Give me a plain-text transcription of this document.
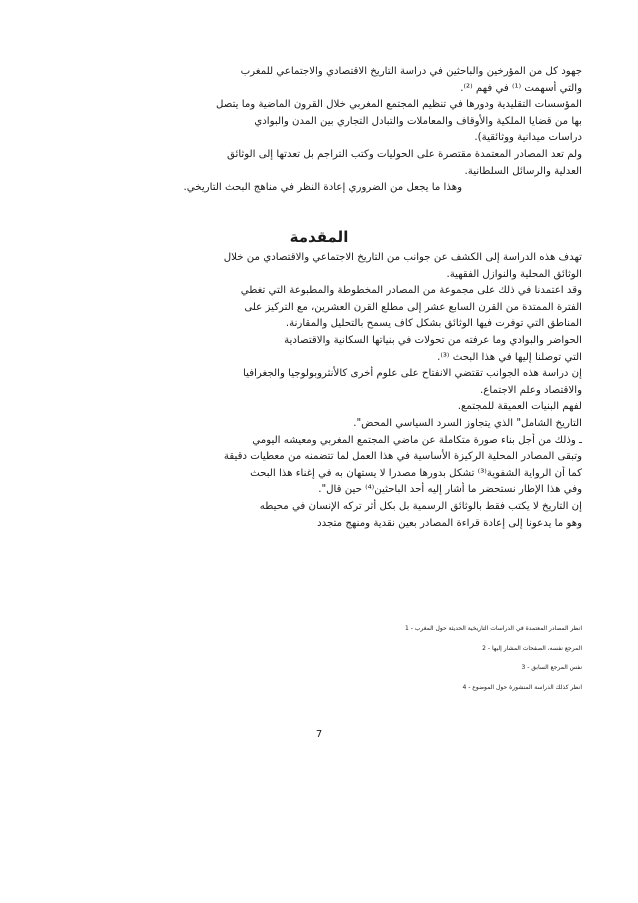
ﺟﻬﻮﺩ ﻛﻞ ﻣﻦ ﺍﻟﻤﺆﺭﺧﻴﻦ ﻭﺍﻟﺒﺎﺣﺜﻴﻦ ﻓﻲ ﺩﺭﺍﺳﺔ ﺍﻟﺘﺎﺭﻳﺦ ﺍﻻﻗﺘﺼﺎﺩﻱ ﻭﺍﻻﺟﺘﻤﺎﻋﻲ ﻟﻠﻤﻐﺮﺏ
.⁽²⁾ ﻭﺍﻟﺘﻲ ﺃﺳﻬﻤﺖ ⁽¹⁾ ﻓﻲ ﻓﻬﻢ
ﺍﻟﻤﺆﺳﺴﺎﺕ ﺍﻟﺘﻘﻠﻴﺪﻳﺔ ﻭﺩﻭﺭﻫﺎ ﻓﻲ ﺗﻨﻈﻴﻢ ﺍﻟﻤﺠﺘﻤﻊ ﺍﻟﻤﻐﺮﺑﻲ ﺧﻼﻝ ﺍﻟﻘﺮﻭﻥ ﺍﻟﻤﺎﺿﻴﺔ ﻭﻣﺎ ﻳﺘﺼﻞ
ﺑﻬﺎ ﻣﻦ ﻗﻀﺎﻳﺎ ﺍﻟﻤﻠﻜﻴﺔ ﻭﺍﻷﻭﻗﺎﻑ ﻭﺍﻟﻤﻌﺎﻣﻼﺕ ﻭﺍﻟﺘﺒﺎﺩﻝ ﺍﻟﺘﺠﺎﺭﻱ ﺑﻴﻦ ﺍﻟﻤﺪﻥ ﻭﺍﻟﺒﻮﺍﺩﻱ
.(ﺩﺭﺍﺳﺎﺕ ﻣﻴﺪﺍﻧﻴﺔ ﻭﻭﺛﺎﺋﻘﻴﺔ
ﻭﻟﻢ ﺗﻌﺪ ﺍﻟﻤﺼﺎﺩﺭ ﺍﻟﻤﻌﺘﻤﺪﺓ ﻣﻘﺘﺼﺮﺓ ﻋﻠﻰ ﺍﻟﺤﻮﻟﻴﺎﺕ ﻭﻛﺘﺐ ﺍﻟﺘﺮﺍﺟﻢ ﺑﻞ ﺗﻌﺪﺗﻬﺎ ﺇﻟﻰ ﺍﻟﻮﺛﺎﺋﻖ
.ﺍﻟﻌﺪﻟﻴﺔ ﻭﺍﻟﺮﺳﺎﺋﻞ ﺍﻟﺴﻠﻄﺎﻧﻴﺔ
.ﻭﻫﺬﺍ ﻣﺎ ﻳﺠﻌﻞ ﻣﻦ ﺍﻟﻀﺮﻭﺭﻱ ﺇﻋﺎﺩﺓ ﺍﻟﻨﻈﺮ ﻓﻲ ﻣﻨﺎﻫﺞ ﺍﻟﺒﺤﺚ ﺍﻟﺘﺎﺭﻳﺨﻲ
ﺍﻟﻤﻘﺪﻣﺔ
ﺗﻬﺪﻑ ﻫﺬﻩ ﺍﻟﺪﺭﺍﺳﺔ ﺇﻟﻰ ﺍﻟﻜﺸﻒ ﻋﻦ ﺟﻮﺍﻧﺐ ﻣﻦ ﺍﻟﺘﺎﺭﻳﺦ ﺍﻻﺟﺘﻤﺎﻋﻲ ﻭﺍﻻﻗﺘﺼﺎﺩﻱ ﻣﻦ ﺧﻼﻝ
.ﺍﻟﻮﺛﺎﺋﻖ ﺍﻟﻤﺤﻠﻴﺔ ﻭﺍﻟﻨﻮﺍﺯﻝ ﺍﻟﻔﻘﻬﻴﺔ
ﻭﻗﺪ ﺍﻋﺘﻤﺪﻧﺎ ﻓﻲ ﺫﻟﻚ ﻋﻠﻰ ﻣﺠﻤﻮﻋﺔ ﻣﻦ ﺍﻟﻤﺼﺎﺩﺭ ﺍﻟﻤﺨﻄﻮﻃﺔ ﻭﺍﻟﻤﻄﺒﻮﻋﺔ ﺍﻟﺘﻲ ﺗﻐﻄﻲ
ﺍﻟﻔﺘﺮﺓ ﺍﻟﻤﻤﺘﺪﺓ ﻣﻦ ﺍﻟﻘﺮﻥ ﺍﻟﺴﺎﺑﻊ ﻋﺸﺮ ﺇﻟﻰ ﻣﻄﻠﻊ ﺍﻟﻘﺮﻥ ﺍﻟﻌﺸﺮﻳﻦ، ﻣﻊ ﺍﻟﺘﺮﻛﻴﺰ ﻋﻠﻰ
.ﺍﻟﻤﻨﺎﻃﻖ ﺍﻟﺘﻲ ﺗﻮﻓﺮﺕ ﻓﻴﻬﺎ ﺍﻟﻮﺛﺎﺋﻖ ﺑﺸﻜﻞ ﻛﺎﻑ ﻳﺴﻤﺢ ﺑﺎﻟﺘﺤﻠﻴﻞ ﻭﺍﻟﻤﻘﺎﺭﻧﺔ
ﺍﻟﺤﻮﺍﺿﺮ ﻭﺍﻟﺒﻮﺍﺩﻱ ﻭﻣﺎ ﻋﺮﻓﺘﻪ ﻣﻦ ﺗﺤﻮﻻﺕ ﻓﻲ ﺑﻨﻴﺎﺗﻬﺎ ﺍﻟﺴﻜﺎﻧﻴﺔ ﻭﺍﻻﻗﺘﺼﺎﺩﻳﺔ
.⁽³⁾ ﺍﻟﺘﻲ ﺗﻮﺻﻠﻨﺎ ﺇﻟﻴﻬﺎ ﻓﻲ ﻫﺬﺍ ﺍﻟﺒﺤﺚ
ﺇﻥ ﺩﺭﺍﺳﺔ ﻫﺬﻩ ﺍﻟﺠﻮﺍﻧﺐ ﺗﻘﺘﻀﻲ ﺍﻻﻧﻔﺘﺎﺡ ﻋﻠﻰ ﻋﻠﻮﻡ ﺃﺧﺮﻯ ﻛﺎﻷﻧﺜﺮﻭﺑﻮﻟﻮﺟﻴﺎ ﻭﺍﻟﺠﻐﺮﺍﻓﻴﺎ
.ﻭﺍﻻﻗﺘﺼﺎﺩ ﻭﻋﻠﻢ ﺍﻻﺟﺘﻤﺎﻉ
.ﻟﻔﻬﻢ ﺍﻟﺒﻨﻴﺎﺕ ﺍﻟﻌﻤﻴﻘﺔ ﻟﻠﻤﺠﺘﻤﻊ
."ﺍﻟﺘﺎﺭﻳﺦ ﺍﻟﺸﺎﻣﻞ" ﺍﻟﺬﻱ ﻳﺘﺠﺎﻭﺯ ﺍﻟﺴﺮﺩ ﺍﻟﺴﻴﺎﺳﻲ ﺍﻟﻤﺤﺾ
ـ ﻭﺫﻟﻚ ﻣﻦ ﺃﺟﻞ ﺑﻨﺎﺀ ﺻﻮﺭﺓ ﻣﺘﻜﺎﻣﻠﺔ ﻋﻦ ﻣﺎﺿﻲ ﺍﻟﻤﺠﺘﻤﻊ ﺍﻟﻤﻐﺮﺑﻲ ﻭﻣﻌﻴﺸﻪ ﺍﻟﻴﻮﻣﻲ
ﻭﺗﺒﻘﻰ ﺍﻟﻤﺼﺎﺩﺭ ﺍﻟﻤﺤﻠﻴﺔ ﺍﻟﺮﻛﻴﺰﺓ ﺍﻷﺳﺎﺳﻴﺔ ﻓﻲ ﻫﺬﺍ ﺍﻟﻌﻤﻞ ﻟﻤﺎ ﺗﺘﻀﻤﻨﻪ ﻣﻦ ﻣﻌﻄﻴﺎﺕ ﺩﻗﻴﻘﺔ
ﻛﻤﺎ ﺃﻥ ﺍﻟﺮﻭﺍﻳﺔ ﺍﻟﺸﻔﻮﻳﺔ⁽³⁾ ﺗﺸﻜﻞ ﺑﺪﻭﺭﻫﺎ ﻣﺼﺪﺭﺍ ﻻ ﻳﺴﺘﻬﺎﻥ ﺑﻪ ﻓﻲ ﺇﻏﻨﺎﺀ ﻫﺬﺍ ﺍﻟﺒﺤﺚ
."ﻭﻓﻲ ﻫﺬﺍ ﺍﻹﻃﺎﺭ ﻧﺴﺘﺤﻀﺮ ﻣﺎ ﺃﺷﺎﺭ ﺇﻟﻴﻪ ﺃﺣﺪ ﺍﻟﺒﺎﺣﺜﻴﻦ⁽⁴⁾ ﺣﻴﻦ ﻗﺎﻝ
ﺇﻥ ﺍﻟﺘﺎﺭﻳﺦ ﻻ ﻳﻜﺘﺐ ﻓﻘﻂ ﺑﺎﻟﻮﺛﺎﺋﻖ ﺍﻟﺮﺳﻤﻴﺔ ﺑﻞ ﺑﻜﻞ ﺃﺛﺮ ﺗﺮﻛﻪ ﺍﻹﻧﺴﺎﻥ ﻓﻲ ﻣﺤﻴﻄﻪ
ﻭﻫﻮ ﻣﺎ ﻳﺪﻋﻮﻧﺎ ﺇﻟﻰ ﺇﻋﺎﺩﺓ ﻗﺮﺍﺀﺓ ﺍﻟﻤﺼﺎﺩﺭ ﺑﻌﻴﻦ ﻧﻘﺪﻳﺔ ﻭﻣﻨﻬﺞ ﻣﺘﺠﺪﺩ
1 - ﺍﻧﻈﺮ ﺍﻟﻤﺼﺎﺩﺭ ﺍﻟﻤﻌﺘﻤﺪﺓ ﻓﻲ ﺍﻟﺪﺭﺍﺳﺎﺕ ﺍﻟﺘﺎﺭﻳﺨﻴﺔ ﺍﻟﺤﺪﻳﺜﺔ ﺣﻮﻝ ﺍﻟﻤﻐﺮﺏ
2 - ﺍﻟﻤﺮﺟﻊ ﻧﻔﺴﻪ، ﺍﻟﺼﻔﺤﺎﺕ ﺍﻟﻤﺸﺎﺭ ﺇﻟﻴﻬﺎ
3 - ﻧﻔﺲ ﺍﻟﻤﺮﺟﻊ ﺍﻟﺴﺎﺑﻖ
4 - ﺍﻧﻈﺮ ﻛﺬﻟﻚ ﺍﻟﺪﺭﺍﺳﺔ ﺍﻟﻤﻨﺸﻮﺭﺓ ﺣﻮﻝ ﺍﻟﻤﻮﺿﻮﻉ
7
